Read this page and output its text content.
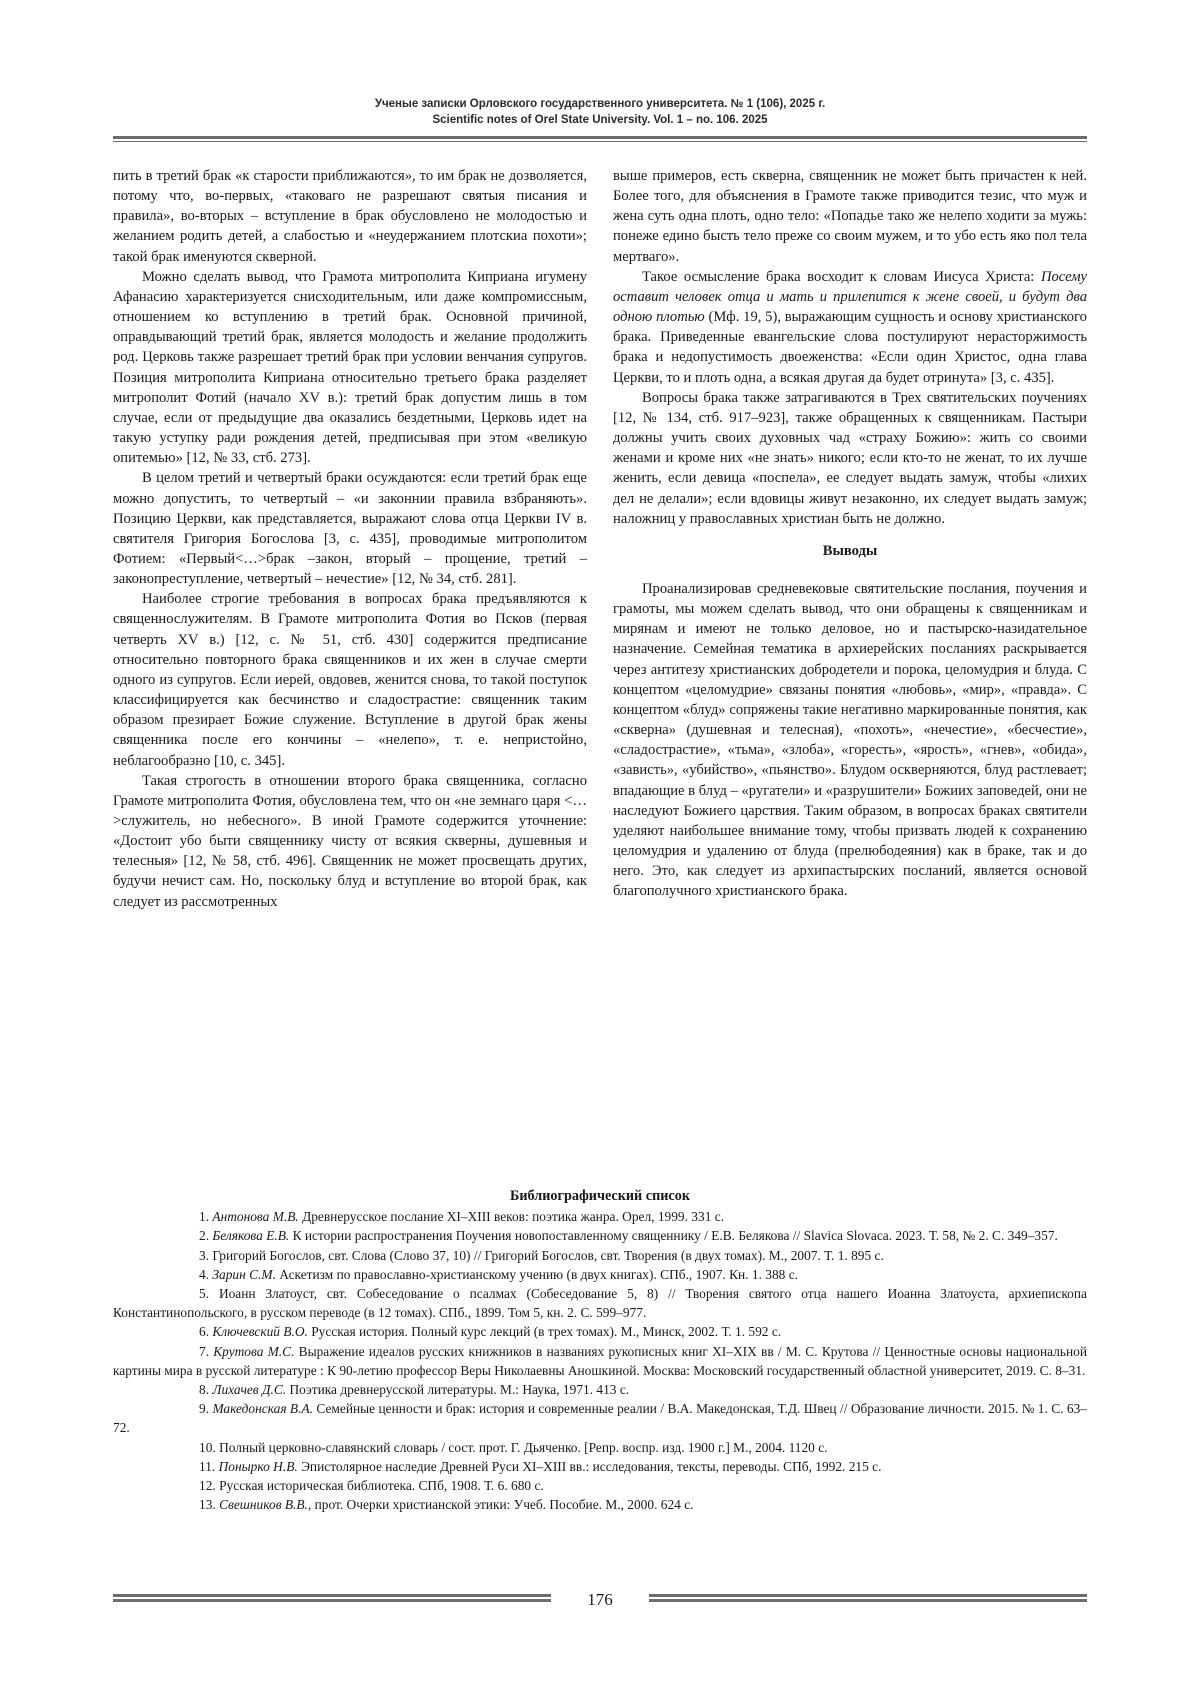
Ученые записки Орловского государственного университета. № 1 (106), 2025 г.
Scientific notes of Orel State University. Vol. 1 – no. 106. 2025

пить в третий брак «к старости приближаются», то им брак не дозволяется, потому что, во-первых, «таковаго не разрешают святыя писания и правила», во-вторых – вступление в брак обусловлено не молодостью и желанием родить детей, а слабостью и «неудержанием плотскиа похоти»; такой брак именуются скверной.

Можно сделать вывод, что Грамота митрополита Киприана игумену Афанасию характеризуется снисходительным, или даже компромиссным, отношением ко вступлению в третий брак. Основной причиной, оправдывающий третий брак, является молодость и желание продолжить род. Церковь также разрешает третий брак при условии венчания супругов. Позиция митрополита Киприана относительно третьего брака разделяет митрополит Фотий (начало XV в.): третий брак допустим лишь в том случае, если от предыдущие два оказались бездетными, Церковь идет на такую уступку ради рождения детей, предписывая при этом «великую опитемью» [12, № 33, стб. 273].

В целом третий и четвертый браки осуждаются: если третий брак еще можно допустить, то четвертый – «и законнии правила взбраняють». Позицию Церкви, как представляется, выражают слова отца Церкви IV в. святителя Григория Богослова [3, с. 435], проводимые митрополитом Фотием: «Первый<…>брак –закон, вторый – прощение, третий – законопреступление, четвертый – нечестие» [12, № 34, стб. 281].

Наиболее строгие требования в вопросах брака предъявляются к священнослужителям. В Грамоте митрополита Фотия во Псков (первая четверть XV в.) [12, с. № 51, стб. 430] содержится предписание относительно повторного брака священников и их жен в случае смерти одного из супругов. Если иерей, овдовев, женится снова, то такой поступок классифицируется как бесчинство и сладострастие: священник таким образом презирает Божие служение. Вступление в другой брак жены священника после его кончины – «нелепо», т. е. непристойно, неблагообразно [10, с. 345].

Такая строгость в отношении второго брака священника, согласно Грамоте митрополита Фотия, обусловлена тем, что он «не земнаго царя <…>служитель, но небесного». В иной Грамоте содержится уточнение: «Достоит убо быти священнику чисту от всякия скверны, душевныя и телесныя» [12, № 58, стб. 496]. Священник не может просвещать других, будучи нечист сам. Но, поскольку блуд и вступление во второй брак, как следует из рассмотренных

выше примеров, есть скверна, священник не может быть причастен к ней. Более того, для объяснения в Грамоте также приводится тезис, что муж и жена суть одна плоть, одно тело: «Попадье тако же нелепо ходити за мужь: понеже едино бысть тело преже со своим мужем, и то убо есть яко пол тела мертваго».

Такое осмысление брака восходит к словам Иисуса Христа: Посему оставит человек отца и мать и прилепится к жене своей, и будут два одною плотью (Мф. 19, 5), выражающим сущность и основу христианского брака. Приведенные евангельские слова постулируют нерасторжимость брака и недопустимость двоеженства: «Если один Христос, одна глава Церкви, то и плоть одна, а всякая другая да будет отринута» [3, с. 435].

Вопросы брака также затрагиваются в Трех святительских поучениях [12, № 134, стб. 917–923], также обращенных к священникам. Пастыри должны учить своих духовных чад «страху Божию»: жить со своими женами и кроме них «не знать» никого; если кто-то не женат, то их лучше женить, если девица «поспела», ее следует выдать замуж, чтобы «лихих дел не делали»; если вдовицы живут незаконно, их следует выдать замуж; наложниц у православных христиан быть не должно.

Выводы

Проанализировав средневековые святительские послания, поучения и грамоты, мы можем сделать вывод, что они обращены к священникам и мирянам и имеют не только деловое, но и пастырско-назидательное назначение. Семейная тематика в архиерейских посланиях раскрывается через антитезу христианских добродетели и порока, целомудрия и блуда. С концептом «целомудрие» связаны понятия «любовь», «мир», «правда». С концептом «блуд» сопряжены такие негативно маркированные понятия, как «скверна» (душевная и телесная), «похоть», «нечестие», «бесчестие», «сладострастие», «тьма», «злоба», «горесть», «ярость», «гнев», «обида», «зависть», «убийство», «пьянство». Блудом оскверняются, блуд растлевает; впадающие в блуд – «ругатели» и «разрушители» Божиих заповедей, они не наследуют Божиего царствия. Таким образом, в вопросах браках святители уделяют наибольшее внимание тому, чтобы призвать людей к сохранению целомудрия и удалению от блуда (прелюбодеяния) как в браке, так и до него. Это, как следует из архипастырских посланий, является основой благополучного христианского брака.

Библиографический список

1. Антонова М.В. Древнерусское послание XI–XIII веков: поэтика жанра. Орел, 1999. 331 с.

2. Белякова Е.В. К истории распространения Поучения новопоставленному священнику / Е.В. Белякова // Slavica Slovaca. 2023. Т. 58, № 2. С. 349–357.

3. Григорий Богослов, свт. Слова (Слово 37, 10) // Григорий Богослов, свт. Творения (в двух томах). М., 2007. Т. 1. 895 с.

4. Зарин С.М. Аскетизм по православно-христианскому учению (в двух книгах). СПб., 1907. Кн. 1. 388 с.

5. Иоанн Златоуст, свт. Собеседование о псалмах (Собеседование 5, 8) // Творения святого отца нашего Иоанна Златоуста, архиепископа Константинопольского, в русском переводе (в 12 томах). СПб., 1899. Том 5, кн. 2. С. 599–977.

6. Ключевский В.О. Русская история. Полный курс лекций (в трех томах). М., Минск, 2002. Т. 1. 592 с.

7. Крутова М.С. Выражение идеалов русских книжников в названиях рукописных книг XI–XIX вв / М. С. Крутова // Ценностные основы национальной картины мира в русской литературе : К 90-летию профессор Веры Николаевны Аношкиной. Москва: Московский государственный областной университет, 2019. С. 8–31.

8. Лихачев Д.С. Поэтика древнерусской литературы. М.: Наука, 1971. 413 с.

9. Македонская В.А. Семейные ценности и брак: история и современные реалии / В.А. Македонская, Т.Д. Швец // Образование личности. 2015. № 1. С. 63–72.

10. Полный церковно-славянский словарь / сост. прот. Г. Дьяченко. [Репр. воспр. изд. 1900 г.] М., 2004. 1120 с.

11. Понырко Н.В. Эпистолярное наследие Древней Руси XI–XIII вв.: исследования, тексты, переводы. СПб, 1992. 215 с.

12. Русская историческая библиотека. СПб, 1908. Т. 6. 680 с.

13. Свешников В.В., прот. Очерки христианской этики: Учеб. Пособие. М., 2000. 624 с.

176
